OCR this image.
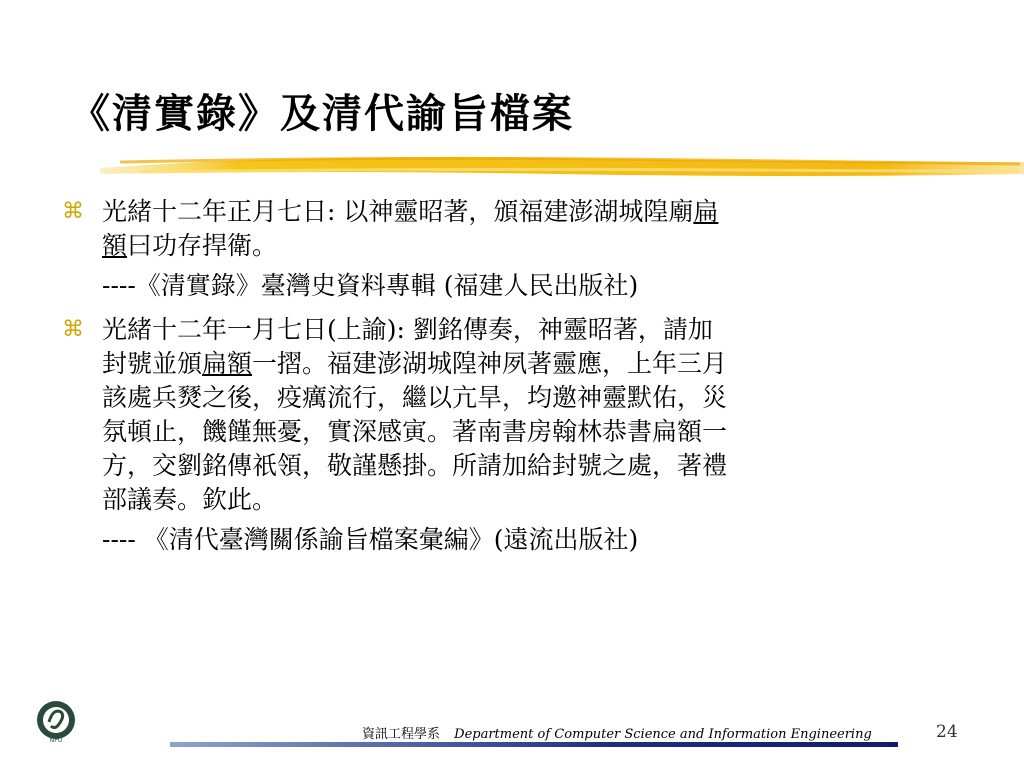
《清實錄》及清代諭旨檔案
⌘ 光緒十二年正月七日: 以神靈昭著，頒福建澎湖城隍廟扁
額曰功存捍衛。
----《清實錄》臺灣史資料專輯 (福建人民出版社)
⌘ 光緒十二年一月七日(上諭): 劉銘傳奏，神靈昭著，請加
封號並頒扁額一摺。福建澎湖城隍神夙著靈應，上年三月
該處兵燹之後，疫癘流行，繼以亢旱，均邀神靈默佑，災
氛頓止，饑饉無憂，實深感寅。著南書房翰林恭書扁額一
方，交劉銘傳祇領，敬謹懸掛。所請加給封號之處，著禮
部議奏。欽此。
---- 《清代臺灣關係諭旨檔案彙編》(遠流出版社)
NPU	資訊工程學系 Department of Computer Science and Information Engineering	24
